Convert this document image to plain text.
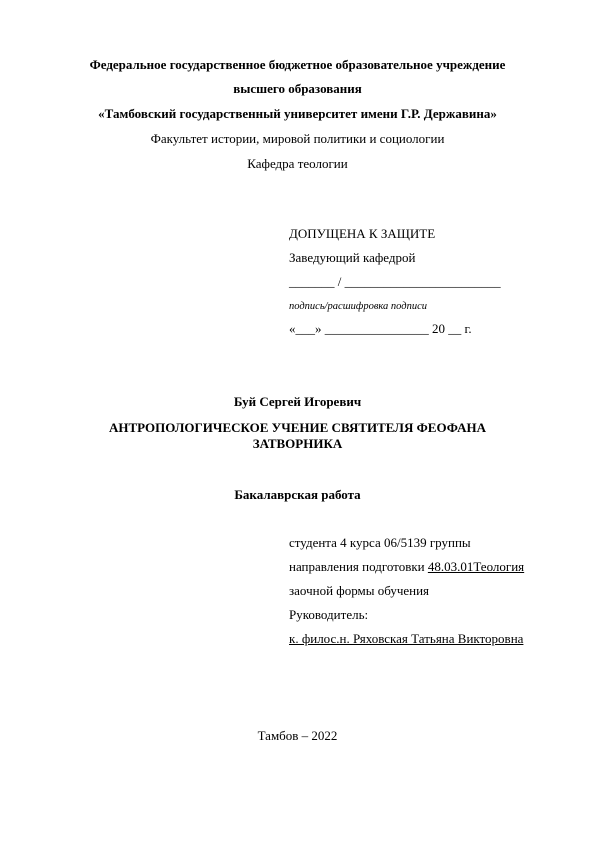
Федеральное государственное бюджетное образовательное учреждение
высшего образования
«Тамбовский государственный университет имени Г.Р. Державина»
Факультет истории, мировой политики и социологии
Кафедра теологии
ДОПУЩЕНА К ЗАЩИТЕ
Заведующий кафедрой
_______ / ________________________
подпись/расшифровка подписи
«___» ________________ 20 __ г.
Буй Сергей Игоревич
АНТРОПОЛОГИЧЕСКОЕ УЧЕНИЕ СВЯТИТЕЛЯ ФЕОФАНА
ЗАТВОРНИКА
Бакалаврская работа
студента 4 курса 06/5139 группы
направления подготовки 48.03.01Теология
заочной формы обучения
Руководитель:
к. филос.н. Ряховская Татьяна Викторовна
Тамбов – 2022
